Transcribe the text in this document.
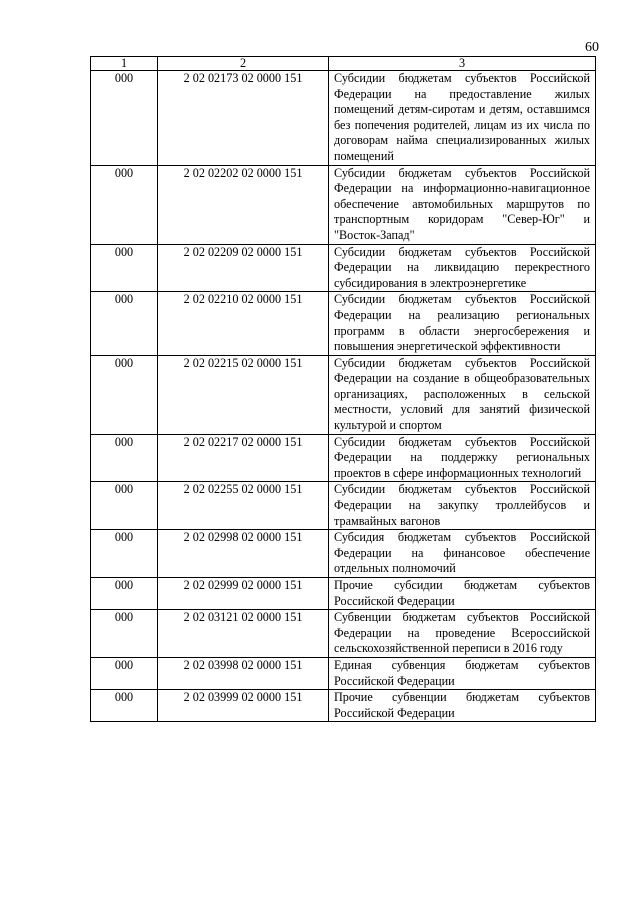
60
1	2	3
000	2 02 02173 02 0000 151	Субсидии бюджетам субъектов Российской Федерации на предоставление жилых помещений детям-сиротам и детям, оставшимся без попечения родителей, лицам из их числа по договорам найма специализированных жилых помещений
000	2 02 02202 02 0000 151	Субсидии бюджетам субъектов Российской Федерации на информационно-навигационное обеспечение автомобильных маршрутов по транспортным коридорам "Север-Юг" и "Восток-Запад"
000	2 02 02209 02 0000 151	Субсидии бюджетам субъектов Российской Федерации на ликвидацию перекрестного субсидирования в электроэнергетике
000	2 02 02210 02 0000 151	Субсидии бюджетам субъектов Российской Федерации на реализацию региональных программ в области энергосбережения и повышения энергетической эффективности
000	2 02 02215 02 0000 151	Субсидии бюджетам субъектов Российской Федерации на создание в общеобразовательных организациях, расположенных в сельской местности, условий для занятий физической культурой и спортом
000	2 02 02217 02 0000 151	Субсидии бюджетам субъектов Российской Федерации на поддержку региональных проектов в сфере информационных технологий
000	2 02 02255 02 0000 151	Субсидии бюджетам субъектов Российской Федерации на закупку троллейбусов и трамвайных вагонов
000	2 02 02998 02 0000 151	Субсидия бюджетам субъектов Российской Федерации на финансовое обеспечение отдельных полномочий
000	2 02 02999 02 0000 151	Прочие субсидии бюджетам субъектов Российской Федерации
000	2 02 03121 02 0000 151	Субвенции бюджетам субъектов Российской Федерации на проведение Всероссийской сельскохозяйственной переписи в 2016 году
000	2 02 03998 02 0000 151	Единая субвенция бюджетам субъектов Российской Федерации
000	2 02 03999 02 0000 151	Прочие субвенции бюджетам субъектов Российской Федерации
